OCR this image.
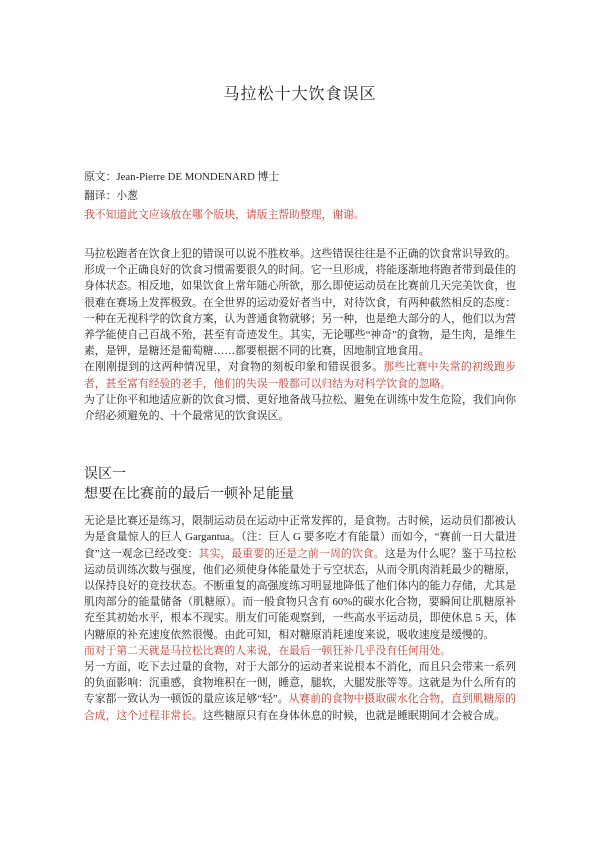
马拉松十大饮食误区

原文：Jean-Pierre DE MONDENARD 博士

翻译：小葱

我不知道此文应该放在哪个版块，请版主帮助整理，谢谢。

马拉松跑者在饮食上犯的错误可以说不胜枚举。这些错误往往是不正确的饮食常识导致的。

形成一个正确良好的饮食习惯需要很久的时间。它一旦形成，将能逐渐地将跑者带到最佳的身体状态。相反地，如果饮食上常年随心所欲，那么即使运动员在比赛前几天完美饮食，也很难在赛场上发挥极致。在全世界的运动爱好者当中，对待饮食，有两种截然相反的态度：一种在无视科学的饮食方案，认为普通食物就够；另一种，也是绝大部分的人，他们以为营养学能使自己百战不殆，甚至有奇迹发生。其实，无论哪些“神奇”的食物，是生肉，是维生素，是钾，是糖还是葡萄糖……都要根据不同的比赛，因地制宜地食用。

在刚刚提到的这两种情况里，对食物的刻板印象和错误很多。那些比赛中失常的初级跑步者，甚至富有经验的老手，他们的失误一般都可以归结为对科学饮食的忽略。

为了让你平和地适应新的饮食习惯、更好地备战马拉松、避免在训练中发生危险，我们向你介绍必须避免的、十个最常见的饮食误区。

误区一

想要在比赛前的最后一顿补足能量

无论是比赛还是练习，限制运动员在运动中正常发挥的，是食物。古时候，运动员们都被认为是食量惊人的巨人 Gargantua。（注：巨人 G 要多吃才有能量）而如今，“赛前一日大量进食”这一观念已经改变：其实，最重要的还是之前一周的饮食。这是为什么呢？鉴于马拉松运动员训练次数与强度，他们必须使身体能量处于亏空状态，从而令肌肉消耗最少的糖原，以保持良好的竞技状态。不断重复的高强度练习明显地降低了他们体内的能力存储，尤其是肌肉部分的能量储备（肌糖原）。而一般食物只含有 60%的碳水化合物，要瞬间让肌糖原补充至其初始水平，根本不现实。朋友们可能观察到，一些高水平运动员，即使休息 5 天，体内糖原的补充速度依然很慢。由此可知，相对糖原消耗速度来说，吸收速度是缓慢的。

而对于第二天就是马拉松比赛的人来说，在最后一顿狂补几乎没有任何用处。

另一方面，吃下去过量的食物，对于大部分的运动者来说根本不消化，而且只会带来一系列的负面影响：沉重感，食物堆积在一侧，睡意，腿软，大腿发胀等等。这就是为什么所有的专家都一致认为一顿饭的量应该足够“轻”。从赛前的食物中摄取碳水化合物，直到肌糖原的合成，这个过程非常长。这些糖原只有在身体休息的时候，也就是睡眠期间才会被合成。
